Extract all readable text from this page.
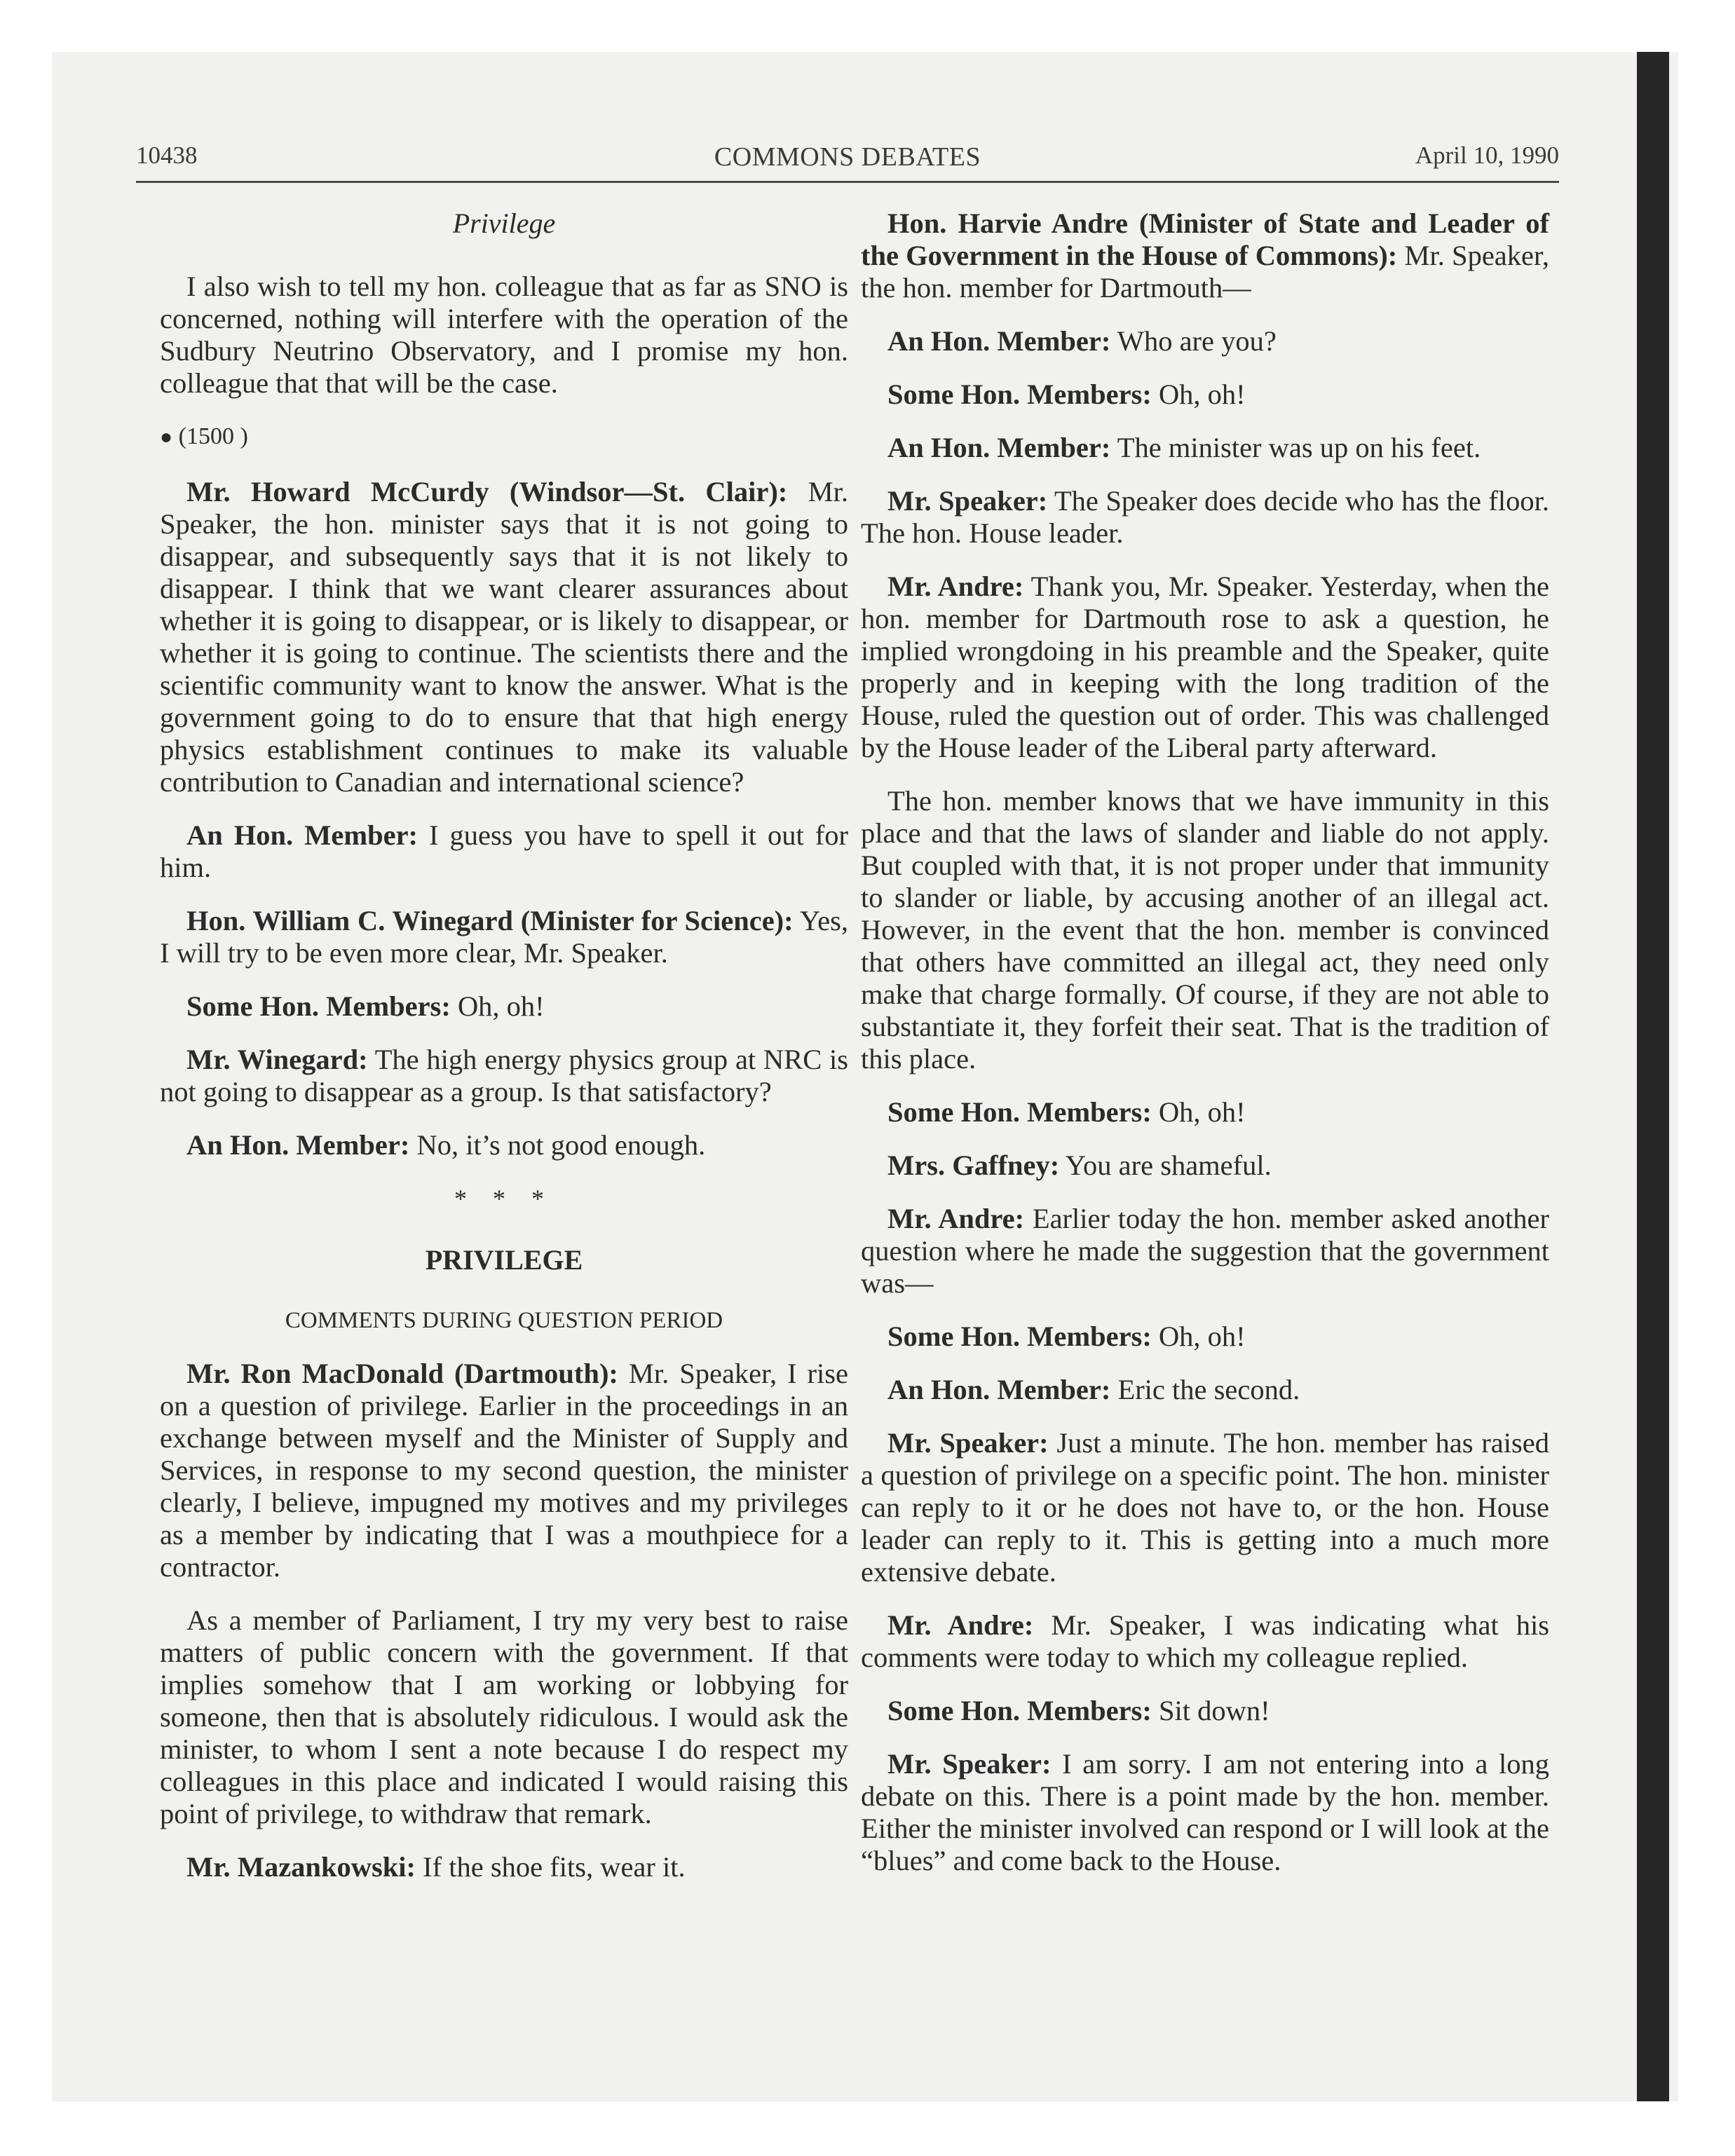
10438	COMMONS DEBATES	April 10, 1990
Privilege

I also wish to tell my hon. colleague that as far as SNO is concerned, nothing will interfere with the operation of the Sudbury Neutrino Observatory, and I promise my hon. colleague that that will be the case.

● (1500 )

Mr. Howard McCurdy (Windsor—St. Clair): Mr. Speaker, the hon. minister says that it is not going to disappear, and subsequently says that it is not likely to disappear. I think that we want clearer assurances about whether it is going to disappear, or is likely to disappear, or whether it is going to continue. The scientists there and the scientific community want to know the answer. What is the government going to do to ensure that that high energy physics establishment continues to make its valuable contribution to Canadian and international science?

An Hon. Member: I guess you have to spell it out for him.

Hon. William C. Winegard (Minister for Science): Yes, I will try to be even more clear, Mr. Speaker.

Some Hon. Members: Oh, oh!

Mr. Winegard: The high energy physics group at NRC is not going to disappear as a group. Is that satisfactory?

An Hon. Member: No, it’s not good enough.

* * *
PRIVILEGE
COMMENTS DURING QUESTION PERIOD

Mr. Ron MacDonald (Dartmouth): Mr. Speaker, I rise on a question of privilege. Earlier in the proceedings in an exchange between myself and the Minister of Supply and Services, in response to my second question, the minister clearly, I believe, impugned my motives and my privileges as a member by indicating that I was a mouthpiece for a contractor.

As a member of Parliament, I try my very best to raise matters of public concern with the government. If that implies somehow that I am working or lobbying for someone, then that is absolutely ridiculous. I would ask the minister, to whom I sent a note because I do respect my colleagues in this place and indicated I would raising this point of privilege, to withdraw that remark.

Mr. Mazankowski: If the shoe fits, wear it.

Hon. Harvie Andre (Minister of State and Leader of the Government in the House of Commons): Mr. Speaker, the hon. member for Dartmouth—

An Hon. Member: Who are you?

Some Hon. Members: Oh, oh!

An Hon. Member: The minister was up on his feet.

Mr. Speaker: The Speaker does decide who has the floor. The hon. House leader.

Mr. Andre: Thank you, Mr. Speaker. Yesterday, when the hon. member for Dartmouth rose to ask a question, he implied wrongdoing in his preamble and the Speaker, quite properly and in keeping with the long tradition of the House, ruled the question out of order. This was challenged by the House leader of the Liberal party afterward.

The hon. member knows that we have immunity in this place and that the laws of slander and liable do not apply. But coupled with that, it is not proper under that immunity to slander or liable, by accusing another of an illegal act. However, in the event that the hon. member is convinced that others have committed an illegal act, they need only make that charge formally. Of course, if they are not able to substantiate it, they forfeit their seat. That is the tradition of this place.

Some Hon. Members: Oh, oh!

Mrs. Gaffney: You are shameful.

Mr. Andre: Earlier today the hon. member asked another question where he made the suggestion that the government was—

Some Hon. Members: Oh, oh!

An Hon. Member: Eric the second.

Mr. Speaker: Just a minute. The hon. member has raised a question of privilege on a specific point. The hon. minister can reply to it or he does not have to, or the hon. House leader can reply to it. This is getting into a much more extensive debate.

Mr. Andre: Mr. Speaker, I was indicating what his comments were today to which my colleague replied.

Some Hon. Members: Sit down!

Mr. Speaker: I am sorry. I am not entering into a long debate on this. There is a point made by the hon. member. Either the minister involved can respond or I will look at the “blues” and come back to the House.
